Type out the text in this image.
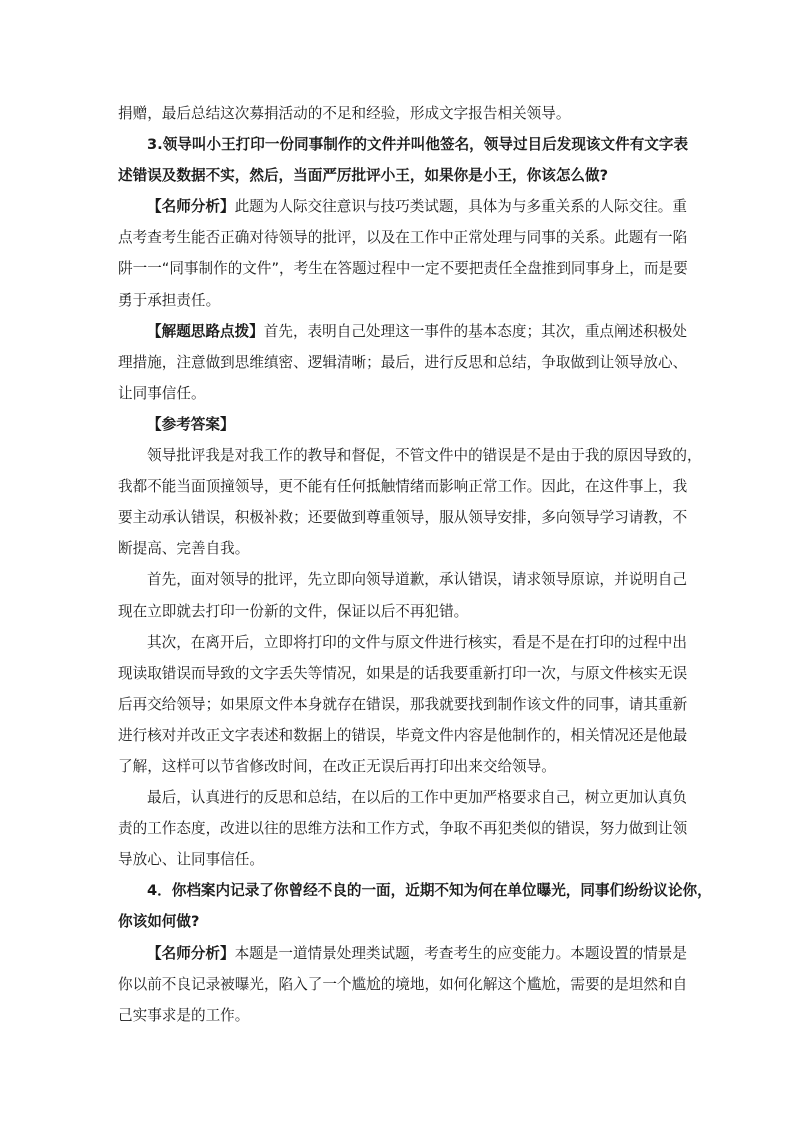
捐赠，最后总结这次募捐活动的不足和经验，形成文字报告相关领导。
3.领导叫小王打印一份同事制作的文件并叫他签名，领导过目后发现该文件有文字表
述错误及数据不实，然后，当面严厉批评小王，如果你是小王，你该怎么做?
【名师分析】此题为人际交往意识与技巧类试题，具体为与多重关系的人际交往。重
点考查考生能否正确对待领导的批评，以及在工作中正常处理与同事的关系。此题有一陷
阱一一“同事制作的文件”，考生在答题过程中一定不要把责任全盘推到同事身上，而是要
勇于承担责任。
【解题思路点拨】首先，表明自己处理这一事件的基本态度；其次，重点阐述积极处
理措施，注意做到思维缜密、逻辑清晰；最后，进行反思和总结，争取做到让领导放心、
让同事信任。
【参考答案】
领导批评我是对我工作的教导和督促，不管文件中的错误是不是由于我的原因导致的，
我都不能当面顶撞领导，更不能有任何抵触情绪而影响正常工作。因此，在这件事上，我
要主动承认错误，积极补救；还要做到尊重领导，服从领导安排，多向领导学习请教，不
断提高、完善自我。
首先，面对领导的批评，先立即向领导道歉，承认错误，请求领导原谅，并说明自己
现在立即就去打印一份新的文件，保证以后不再犯错。
其次，在离开后，立即将打印的文件与原文件进行核实，看是不是在打印的过程中出
现读取错误而导致的文字丢失等情况，如果是的话我要重新打印一次，与原文件核实无误
后再交给领导；如果原文件本身就存在错误，那我就要找到制作该文件的同事，请其重新
进行核对并改正文字表述和数据上的错误，毕竟文件内容是他制作的，相关情况还是他最
了解，这样可以节省修改时间，在改正无误后再打印出来交给领导。
最后，认真进行的反思和总结，在以后的工作中更加严格要求自己，树立更加认真负
责的工作态度，改进以往的思维方法和工作方式，争取不再犯类似的错误，努力做到让领
导放心、让同事信任。
4．你档案内记录了你曾经不良的一面，近期不知为何在单位曝光，同事们纷纷议论你，
你该如何做?
【名师分析】本题是一道情景处理类试题，考查考生的应变能力。本题设置的情景是
你以前不良记录被曝光，陷入了一个尴尬的境地，如何化解这个尴尬，需要的是坦然和自
己实事求是的工作。
